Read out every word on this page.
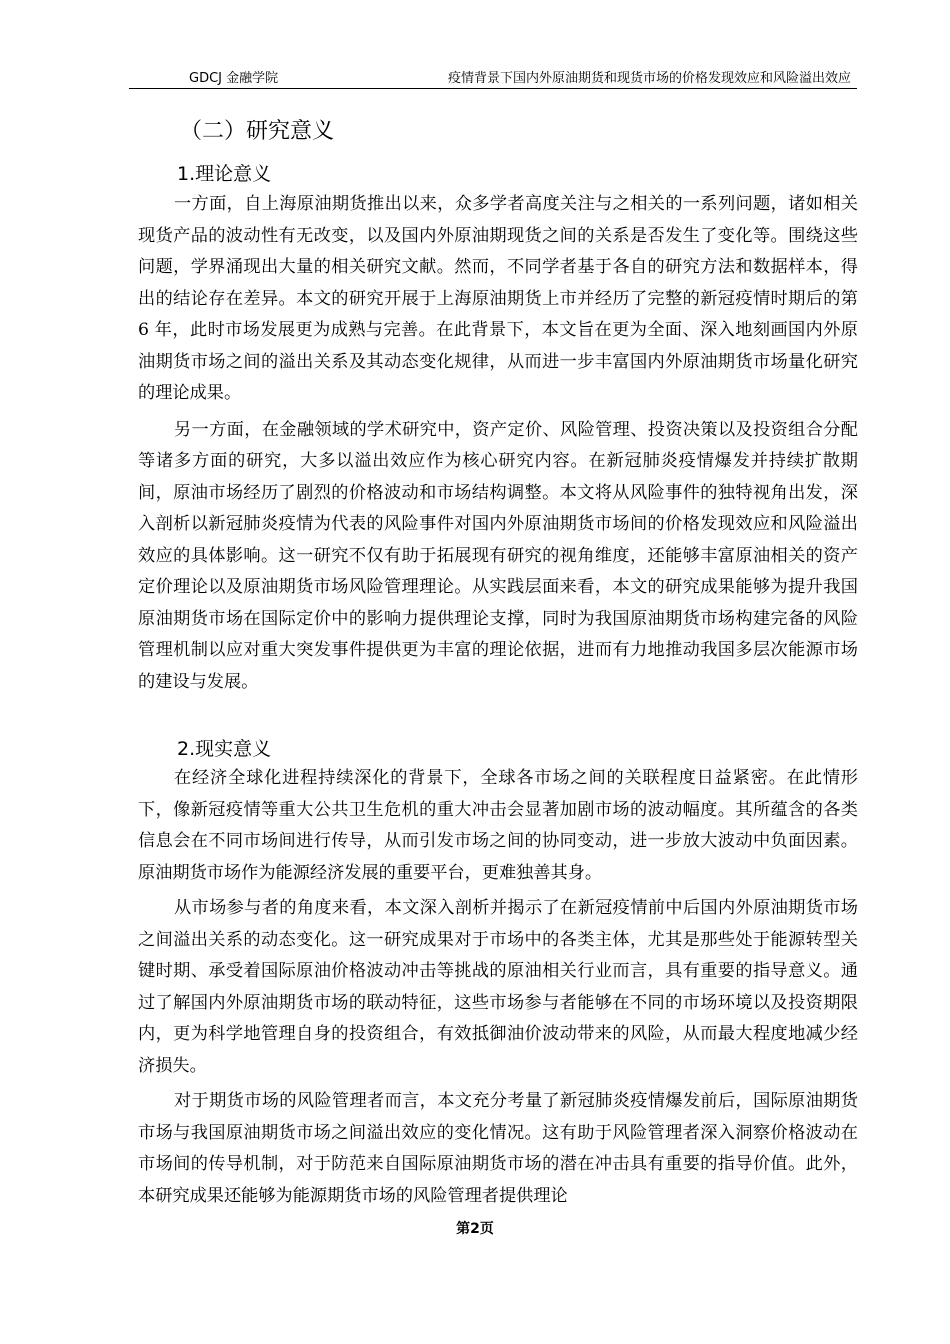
GDCJ 金融学院	疫情背景下国内外原油期货和现货市场的价格发现效应和风险溢出效应
（二）研究意义
1.理论意义

一方面，自上海原油期货推出以来，众多学者高度关注与之相关的一系列问题，诸如相关现货产品的波动性有无改变，以及国内外原油期现货之间的关系是否发生了变化等。围绕这些问题，学界涌现出大量的相关研究文献。然而，不同学者基于各自的研究方法和数据样本，得出的结论存在差异。本文的研究开展于上海原油期货上市并经历了完整的新冠疫情时期后的第 6 年，此时市场发展更为成熟与完善。在此背景下，本文旨在更为全面、深入地刻画国内外原油期货市场之间的溢出关系及其动态变化规律，从而进一步丰富国内外原油期货市场量化研究的理论成果。

另一方面，在金融领域的学术研究中，资产定价、风险管理、投资决策以及投资组合分配等诸多方面的研究，大多以溢出效应作为核心研究内容。在新冠肺炎疫情爆发并持续扩散期间，原油市场经历了剧烈的价格波动和市场结构调整。本文将从风险事件的独特视角出发，深入剖析以新冠肺炎疫情为代表的风险事件对国内外原油期货市场间的价格发现效应和风险溢出效应的具体影响。这一研究不仅有助于拓展现有研究的视角维度，还能够丰富原油相关的资产定价理论以及原油期货市场风险管理理论。从实践层面来看，本文的研究成果能够为提升我国原油期货市场在国际定价中的影响力提供理论支撑，同时为我国原油期货市场构建完备的风险管理机制以应对重大突发事件提供更为丰富的理论依据，进而有力地推动我国多层次能源市场的建设与发展。

2.现实意义

在经济全球化进程持续深化的背景下，全球各市场之间的关联程度日益紧密。在此情形下，像新冠疫情等重大公共卫生危机的重大冲击会显著加剧市场的波动幅度。其所蕴含的各类信息会在不同市场间进行传导，从而引发市场之间的协同变动，进一步放大波动中负面因素。原油期货市场作为能源经济发展的重要平台，更难独善其身。

从市场参与者的角度来看，本文深入剖析并揭示了在新冠疫情前中后国内外原油期货市场之间溢出关系的动态变化。这一研究成果对于市场中的各类主体，尤其是那些处于能源转型关键时期、承受着国际原油价格波动冲击等挑战的原油相关行业而言，具有重要的指导意义。通过了解国内外原油期货市场的联动特征，这些市场参与者能够在不同的市场环境以及投资期限内，更为科学地管理自身的投资组合，有效抵御油价波动带来的风险，从而最大程度地减少经济损失。

对于期货市场的风险管理者而言，本文充分考量了新冠肺炎疫情爆发前后，国际原油期货市场与我国原油期货市场之间溢出效应的变化情况。这有助于风险管理者深入洞察价格波动在市场间的传导机制，对于防范来自国际原油期货市场的潜在冲击具有重要的指导价值。此外，本研究成果还能够为能源期货市场的风险管理者提供理论

第2页
